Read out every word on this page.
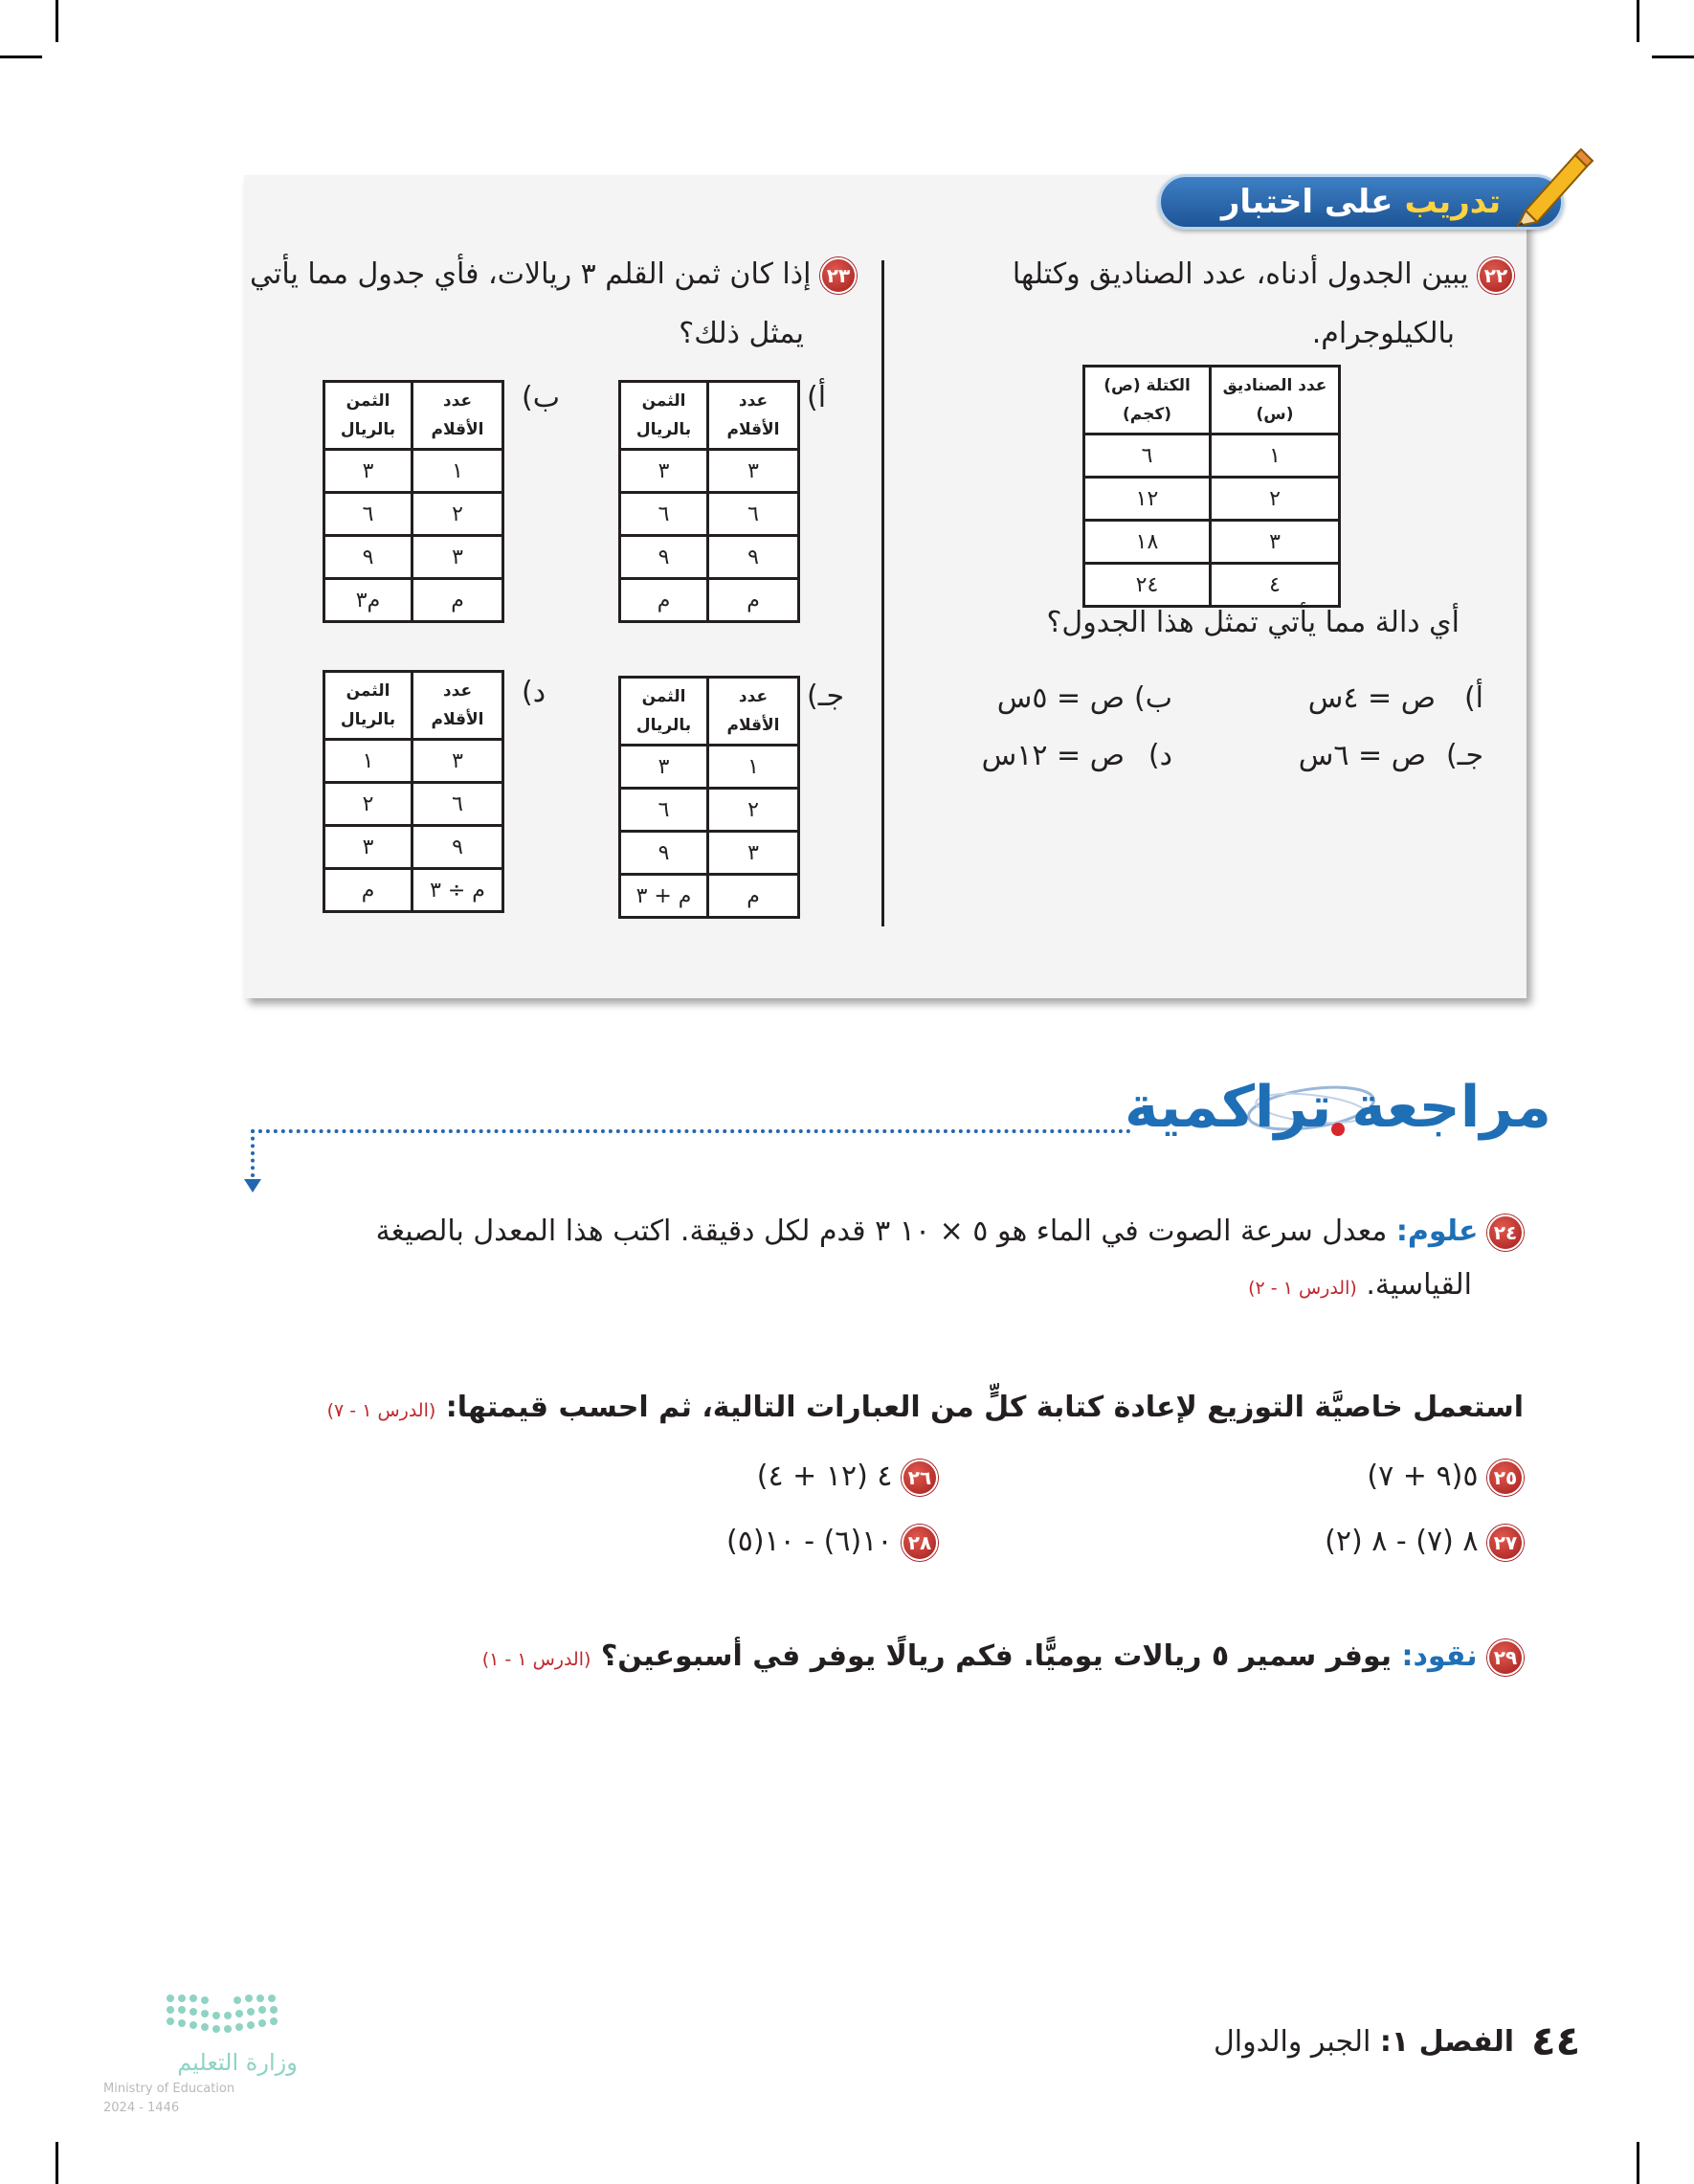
تدريب
على اختبار
٢٢ يبين الجدول أدناه، عدد الصناديق وكتلها
بالكيلوجرام.
عدد الصناديق (س)	الكتلة (ص) (كجم)
١	٦
٢	١٢
٣	١٨
٤	٢٤
أي دالة مما يأتي تمثل هذا الجدول؟
أ)
ص = ٤س
ب)
ص = ٥س
جـ)
ص = ٦س
د)
ص = ١٢س
٢٣ إذا كان ثمن القلم ٣ ريالات، فأي جدول مما يأتي
يمثل ذلك؟
أ)
عدد الأقلام	الثمن بالريال
٣	٣
٦	٦
٩	٩
م	م
ب)
عدد الأقلام	الثمن بالريال
١	٣
٢	٦
٣	٩
م	م٣
جـ)
عدد الأقلام	الثمن بالريال
١	٣
٢	٦
٣	٩
م	م + ٣
د)
عدد الأقلام	الثمن بالريال
٣	١
٦	٢
٩	٣
م ÷ ٣	م
مراجعة تراكمية
٢٤ علوم: معدل سرعة الصوت في الماء هو ٥ × ١٠ ٣ قدم لكل دقيقة. اكتب هذا المعدل بالصيغة
القياسية. (الدرس ١ - ٢)
استعمل خاصيَّة التوزيع لإعادة كتابة كلٍّ من العبارات التالية، ثم احسب قيمتها: (الدرس ١ - ٧)
٢٥ ٥(٩ + ٧)
٢٦ ٤ (١٢ + ٤)
٢٧ ٨ (٧) - ٨ (٢)
٢٨ ١٠(٦) - ١٠(٥)
٢٩ نقود: يوفر سمير ٥ ريالات يوميًّا. فكم ريالًا يوفر في أسبوعين؟ (الدرس ١ - ١)
وزارة التعليم
Ministry of Education
2024 - 1446
الفصل ١: الجبر والدوال	٤٤
